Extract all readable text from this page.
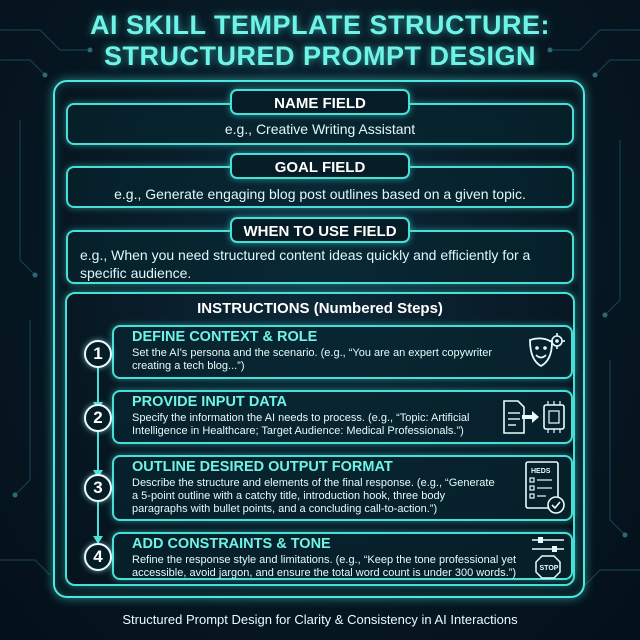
AI SKILL TEMPLATE STRUCTURE:
STRUCTURED PROMPT DESIGN
e.g., Creative Writing Assistant
NAME FIELD
e.g., Generate engaging blog post outlines based on a given topic.
GOAL FIELD
e.g., When you need structured content ideas quickly and efficiently for a
specific audience.
WHEN TO USE FIELD
INSTRUCTIONS (Numbered Steps)
DEFINE CONTEXT & ROLE
Set the AI's persona and the scenario. (e.g., “You are an expert copywriter
creating a tech blog...”)
1
PROVIDE INPUT DATA
Specify the information the AI needs to process. (e.g., “Topic: Artificial
Intelligence in Healthcare; Target Audience: Medical Professionals.”)
2
OUTLINE DESIRED OUTPUT FORMAT
Describe the structure and elements of the final response. (e.g., “Generate
a 5-point outline with a catchy title, introduction hook, three body
paragraphs with bullet points, and a concluding call-to-action.”)
3
HEDS
ADD CONSTRAINTS & TONE
Refine the response style and limitations. (e.g., “Keep the tone professional yet
accessible, avoid jargon, and ensure the total word count is under 300 words.”)
4
STOP
Structured Prompt Design for Clarity & Consistency in AI Interactions
